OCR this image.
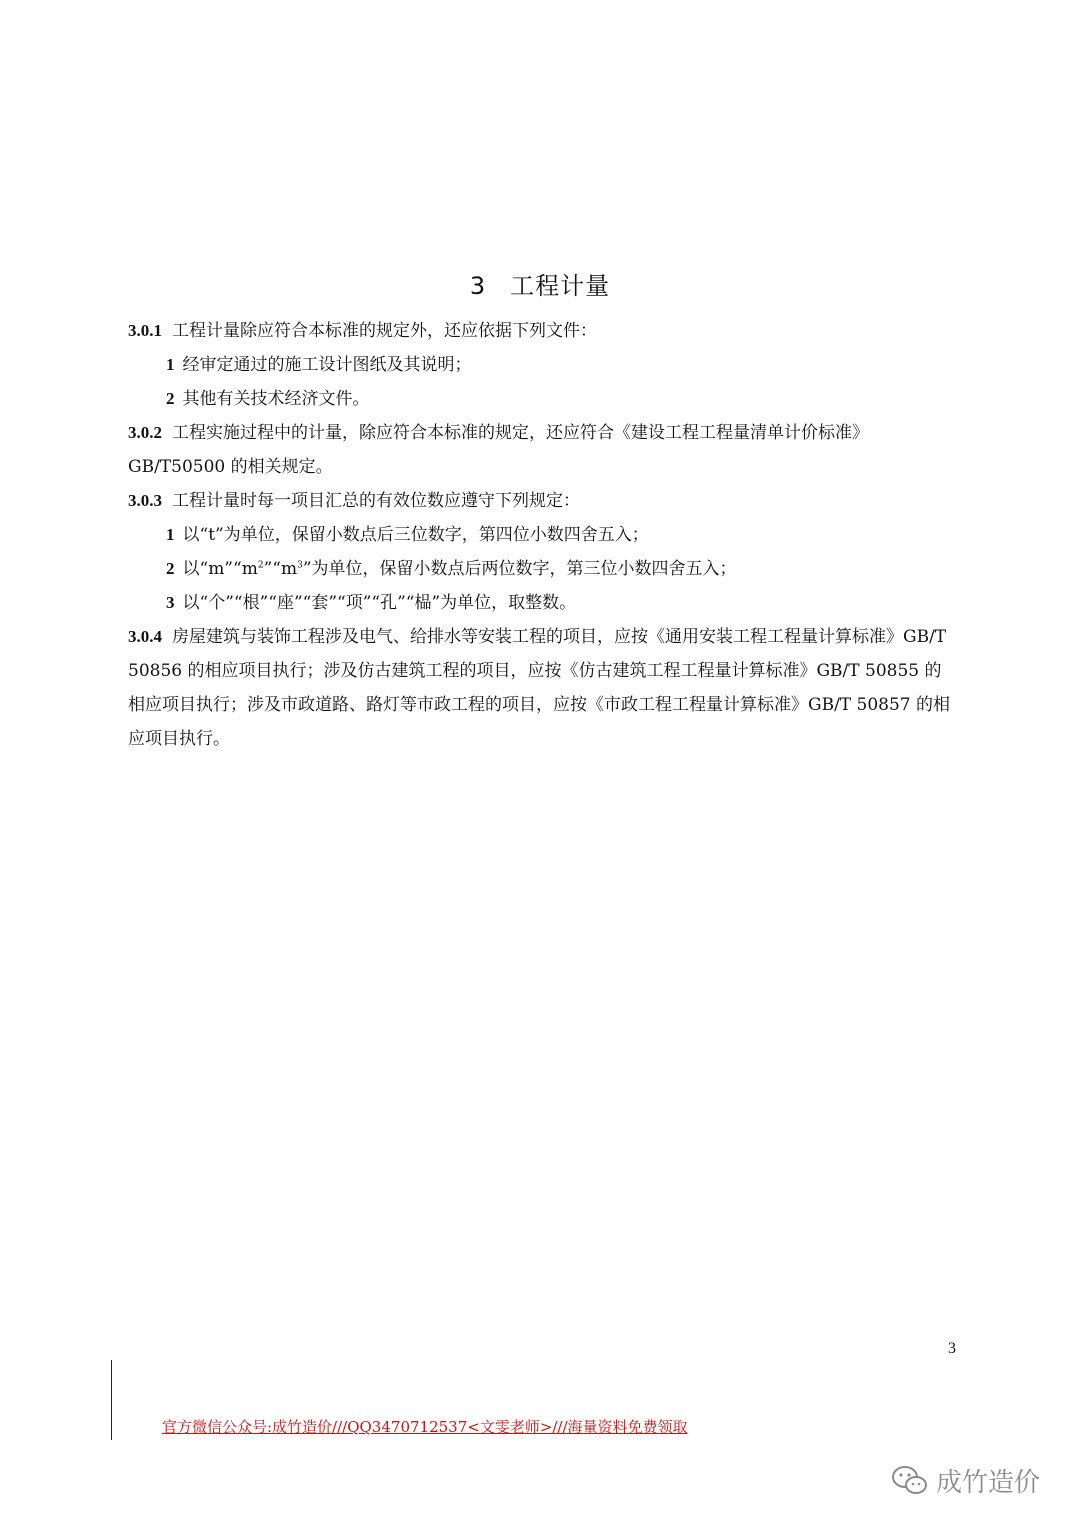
3 工程计量

3.0.1 工程计量除应符合本标准的规定外，还应依据下列文件：

1 经审定通过的施工设计图纸及其说明；

2 其他有关技术经济文件。

3.0.2 工程实施过程中的计量，除应符合本标准的规定，还应符合《建设工程工程量清单计价标准》GB/T50500 的相关规定。

3.0.3 工程计量时每一项目汇总的有效位数应遵守下列规定：

1 以“t”为单位，保留小数点后三位数字，第四位小数四舍五入；

2 以“$m”“m^2”“m^3$”为单位，保留小数点后两位数字，第三位小数四舍五入；

3 以“个”“根”“座”“套”“项”“孔”“榀”为单位，取整数。

3.0.4 房屋建筑与装饰工程涉及电气、给排水等安装工程的项目，应按《通用安装工程工程量计算标准》GB/T 50856 的相应项目执行；涉及仿古建筑工程的项目，应按《仿古建筑工程工程量计算标准》GB/T 50855 的相应项目执行；涉及市政道路、路灯等市政工程的项目，应按《市政工程工程量计算标准》GB/T 50857 的相应项目执行。

3
官方微信公众号:成竹造价///QQ3470712537<文雯老师>///海量资料免费领取
成竹造价
